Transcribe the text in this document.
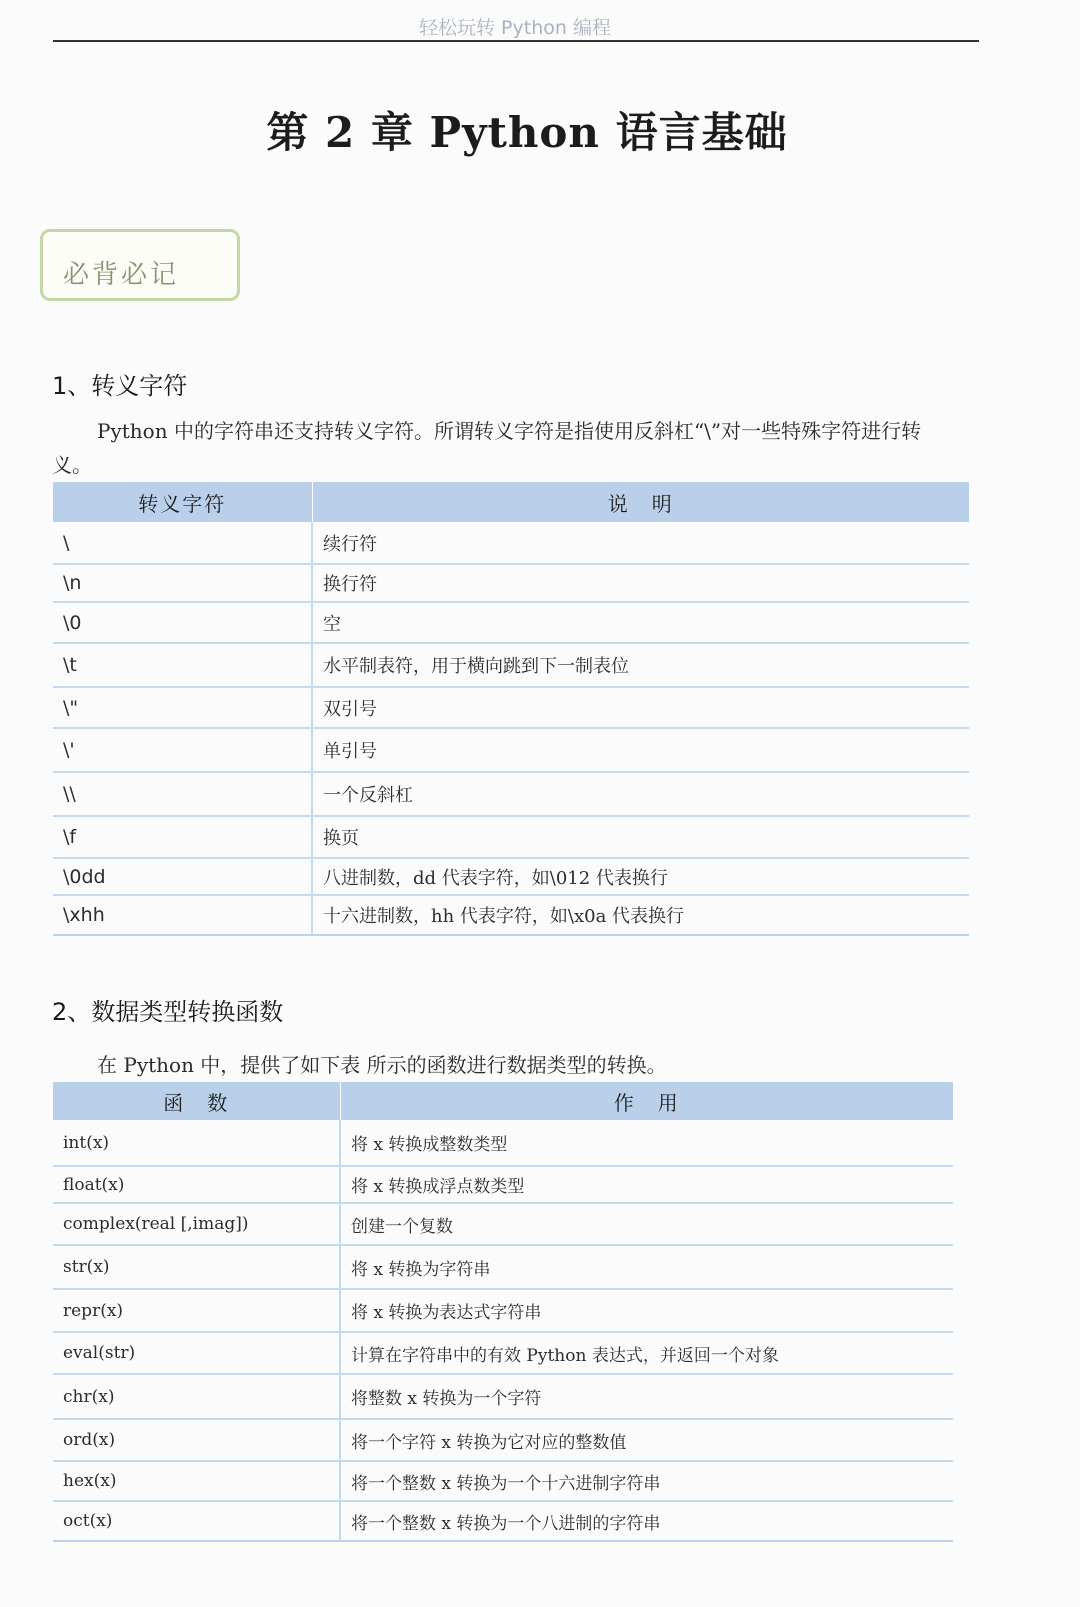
轻松玩转 Python 编程
第 2 章 Python 语言基础
必背必记
1、转义字符
Python 中的字符串还支持转义字符。所谓转义字符是指使用反斜杠“\”对一些特殊字符进行转义。
转义字符	说　明
\	续行符
\n	换行符
\0	空
\t	水平制表符，用于横向跳到下一制表位
\"	双引号
\'	单引号
\\	一个反斜杠
\f	换页
\0dd	八进制数，dd 代表字符，如\012 代表换行
\xhh	十六进制数，hh 代表字符，如\x0a 代表换行
2、数据类型转换函数
在 Python 中，提供了如下表 所示的函数进行数据类型的转换。
函　数	作　用
int(x)	将 x 转换成整数类型
float(x)	将 x 转换成浮点数类型
complex(real [,imag])	创建一个复数
str(x)	将 x 转换为字符串
repr(x)	将 x 转换为表达式字符串
eval(str)	计算在字符串中的有效 Python 表达式，并返回一个对象
chr(x)	将整数 x 转换为一个字符
ord(x)	将一个字符 x 转换为它对应的整数值
hex(x)	将一个整数 x 转换为一个十六进制字符串
oct(x)	将一个整数 x 转换为一个八进制的字符串
